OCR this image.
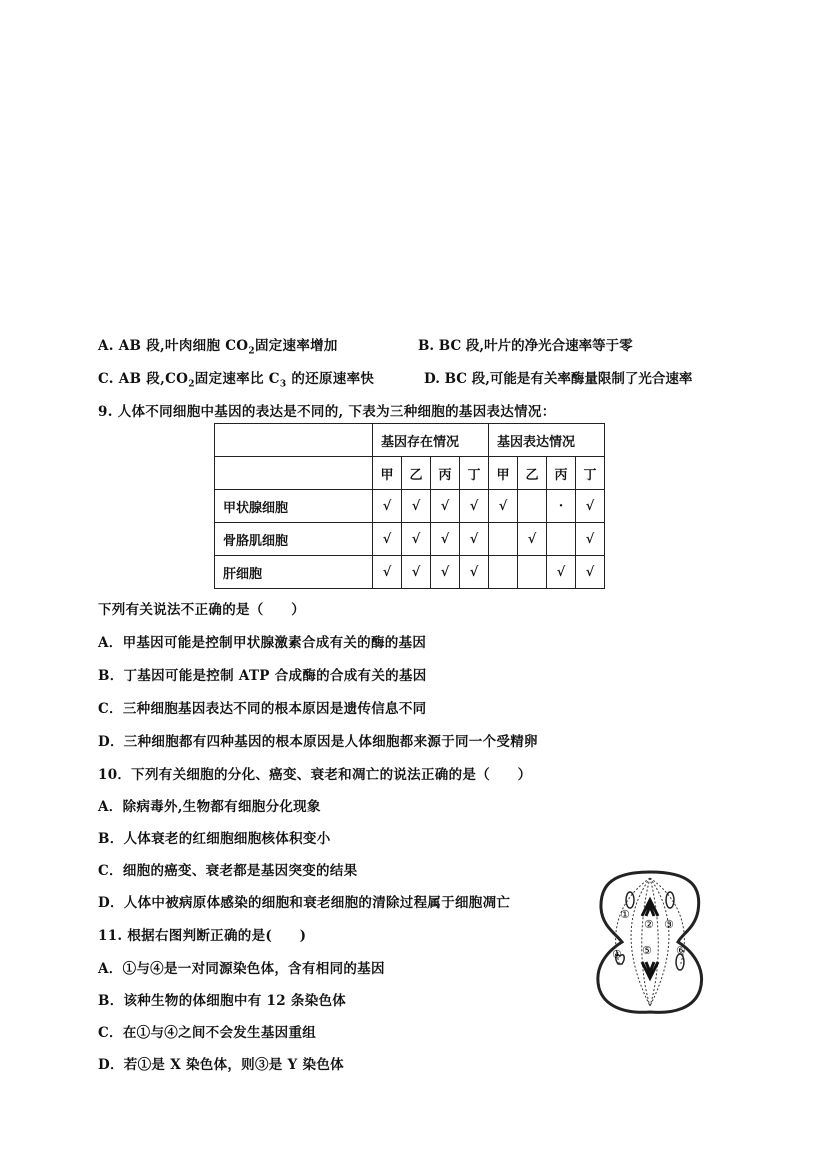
A. AB 段,叶肉细胞 $CO_2$固定速率增加	B. BC 段,叶片的净光合速率等于零
C. AB 段$,CO_2$固定速率比 $C_3$ 的还原速率快	D. BC 段,可能是有关率酶量限制了光合速率
9. 人体不同细胞中基因的表达是不同的, 下表为三种细胞的基因表达情况：
	基因存在情况				基因表达情况			
	甲	乙	丙	丁	甲	乙	丙	丁
甲状腺细胞	√	√	√	√	√		·	√
骨胳肌细胞	√	√	√	√		√		√
肝细胞	√	√	√	√			√	√
下列有关说法不正确的是（　　）
A．甲基因可能是控制甲状腺激素合成有关的酶的基因
B．丁基因可能是控制 ATP 合成酶的合成有关的基因
C．三种细胞基因表达不同的根本原因是遗传信息不同
D．三种细胞都有四种基因的根本原因是人体细胞都来源于同一个受精卵
10．下列有关细胞的分化、癌变、衰老和凋亡的说法正确的是（　　）
A．除病毒外,生物都有细胞分化现象
B．人体衰老的红细胞细胞核体积变小
C．细胞的癌变、衰老都是基因突变的结果
D．人体中被病原体感染的细胞和衰老细胞的清除过程属于细胞凋亡
11. 根据右图判断正确的是(　　)
A．①与④是一对同源染色体，含有相同的基因
B．该种生物的体细胞中有 12 条染色体
C．在①与④之间不会发生基因重组
D．若①是 X 染色体，则③是 Y 染色体
①
② ③
④ ⑤ ⑥
